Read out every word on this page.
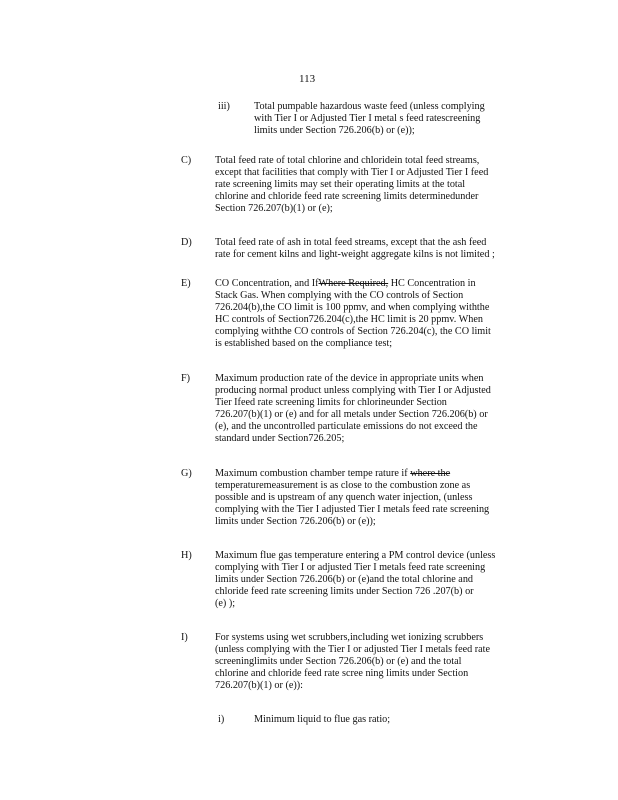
113
iii) Total pumpable hazardous waste feed (unless complying
with Tier I or Adjusted Tier I metal s feed ratescreening
limits under Section 726.206(b) or (e));
C) Total feed rate of total chlorine and chloridein total feed streams,
except that facilities that comply with Tier I or Adjusted Tier I feed
rate screening limits may set their operating limits at the total
chlorine and chloride feed rate screening limits determinedunder
Section 726.207(b)(1) or (e);
D) Total feed rate of ash in total feed streams, except that the ash feed
rate for cement kilns and light-weight aggregate kilns is not limited ;
E) CO Concentration, and IfWhere Required, HC Concentration in
Stack Gas. When complying with the CO controls of Section
726.204(b),the CO limit is 100 ppmv, and when complying withthe
HC controls of Section726.204(c),the HC limit is 20 ppmv. When
complying withthe CO controls of Section 726.204(c), the CO limit
is established based on the compliance test;
F) Maximum production rate of the device in appropriate units when
producing normal product unless complying with Tier I or Adjusted
Tier Ifeed rate screening limits for chlorineunder Section
726.207(b)(1) or (e) and for all metals under Section 726.206(b) or
(e), and the uncontrolled particulate emissions do not exceed the
standard under Section726.205;
G) Maximum combustion chamber tempe rature if where the
temperaturemeasurement is as close to the combustion zone as
possible and is upstream of any quench water injection, (unless
complying with the Tier I adjusted Tier I metals feed rate screening
limits under Section 726.206(b) or (e));
H) Maximum flue gas temperature entering a PM control device (unless
complying with Tier I or adjusted Tier I metals feed rate screening
limits under Section 726.206(b) or (e)and the total chlorine and
chloride feed rate screening limits under Section 726 .207(b) or
(e) );
I)	For systems using wet scrubbers,including wet ionizing scrubbers
(unless complying with the Tier I or adjusted Tier I metals feed rate
screeninglimits under Section 726.206(b) or (e) and the total
chlorine and chloride feed rate scree ning limits under Section
726.207(b)(1) or (e)):
i)	Minimum liquid to flue gas ratio;
